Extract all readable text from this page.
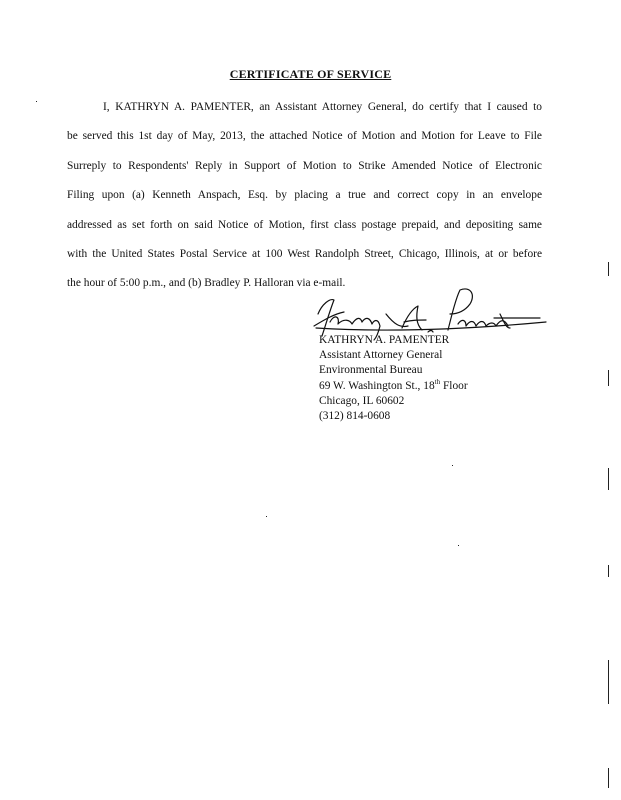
CERTIFICATE OF SERVICE
I, KATHRYN A. PAMENTER, an Assistant Attorney General, do certify that I caused to
be served this 1st day of May, 2013, the attached Notice of Motion and Motion for Leave to File
Surreply to Respondents' Reply in Support of Motion to Strike Amended Notice of Electronic
Filing upon (a) Kenneth Anspach, Esq. by placing a true and correct copy in an envelope
addressed as set forth on said Notice of Motion, first class postage prepaid, and depositing same
with the United States Postal Service at 100 West Randolph Street, Chicago, Illinois, at or before
the hour of 5:00 p.m., and (b) Bradley P. Halloran via e-mail.
KATHRYN A. PAMENTER
Assistant Attorney General
Environmental Bureau
69 W. Washington St., 18th Floor
Chicago, IL 60602
(312) 814-0608
